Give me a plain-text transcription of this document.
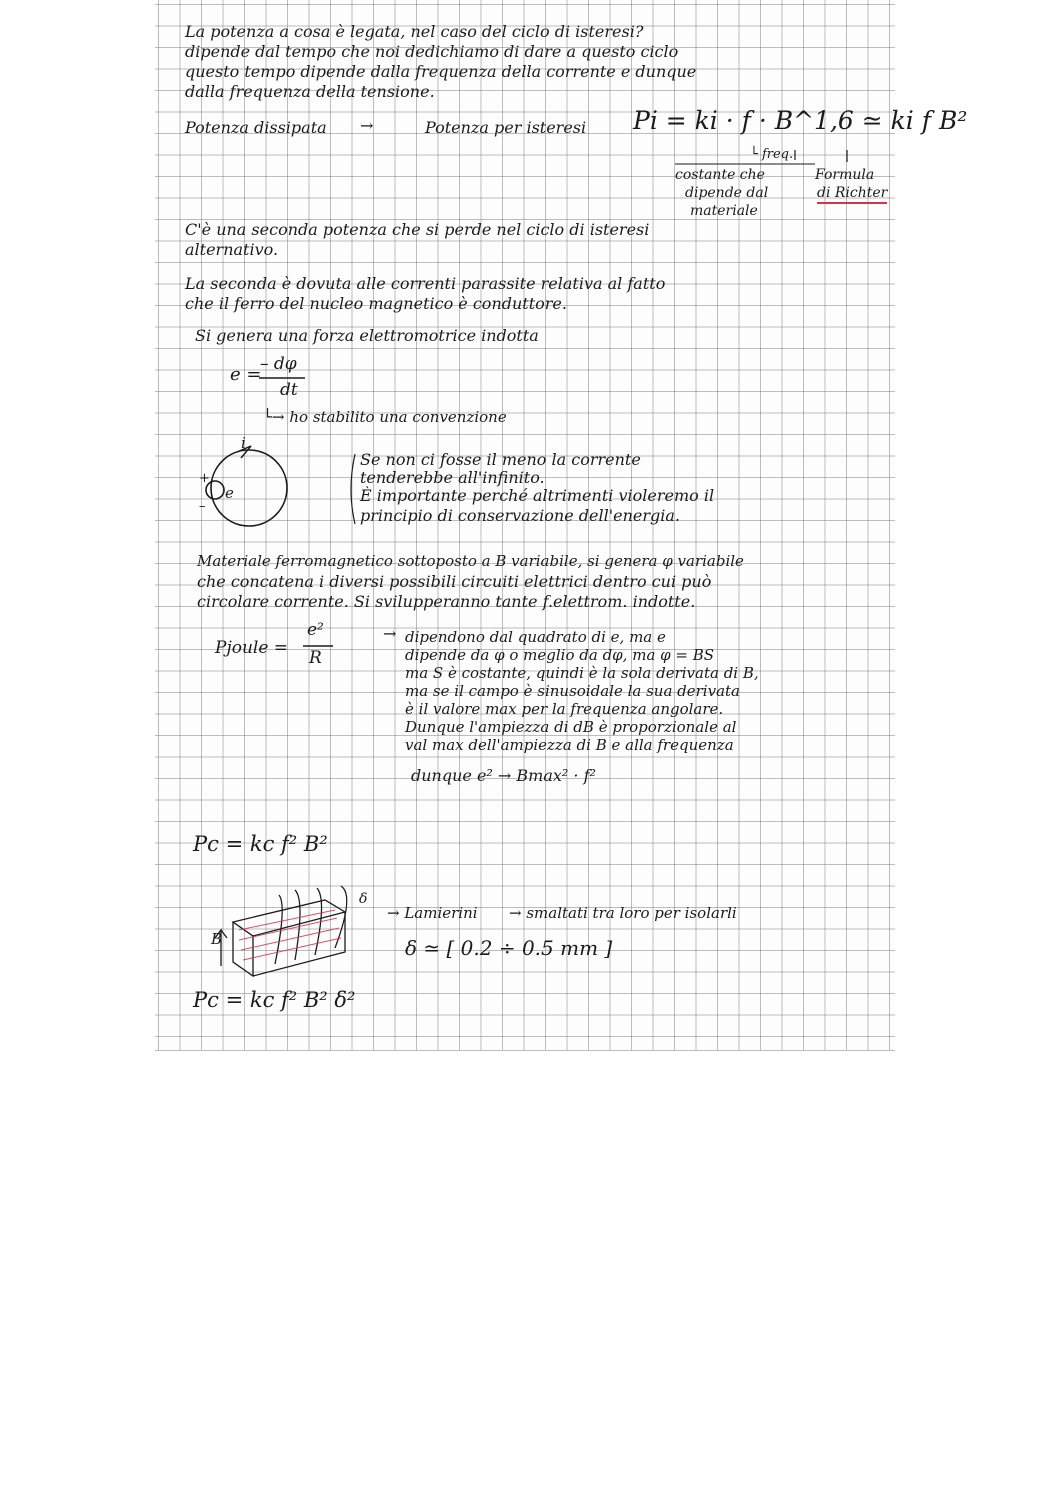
La potenza a cosa è legata, nel caso del ciclo di isteresi?
dipende dal tempo che noi dedichiamo di dare a questo ciclo
questo tempo dipende dalla frequenza della corrente e dunque
dalla frequenza della tensione.
Potenza dissipata →	Potenza per isteresi Pi = ki · f · B^1,6 ≃ ki f B²
└ freq.
costante che
dipende dal
materiale
Formula
di Richter
C'è una seconda potenza che si perde nel ciclo di isteresi
alternativo.
La seconda è dovuta alle correnti parassite relativa al fatto
che il ferro del nucleo magnetico è conduttore.
Si genera una forza elettromotrice indotta
e =
– dφ
dt
└→ ho stabilito una convenzione
i
e
+
–
Se non ci fosse il meno la corrente
tenderebbe all'infinito.
È importante perché altrimenti violeremo il
principio di conservazione dell'energia.
Materiale ferromagnetico sottoposto a B variabile, si genera φ variabile
che concatena i diversi possibili circuiti elettrici dentro cui può
circolare corrente. Si svilupperanno tante f.elettrom. indotte.
Pjoule =
e²
R
→ dipendono dal quadrato di e, ma e
dipende da φ o meglio da dφ, ma φ = BS
ma S è costante, quindi è la sola derivata di B,
ma se il campo è sinusoidale la sua derivata
è il valore max per la frequenza angolare.
Dunque l'ampiezza di dB è proporzionale al
val max dell'ampiezza di B e alla frequenza
dunque e² → Bmax² · f²
Pc = kc f² B²
δ
B
→ Lamierini → smaltati tra loro per isolarli
δ ≃ [ 0.2 ÷ 0.5 mm ]
Pc = kc f² B² δ²
